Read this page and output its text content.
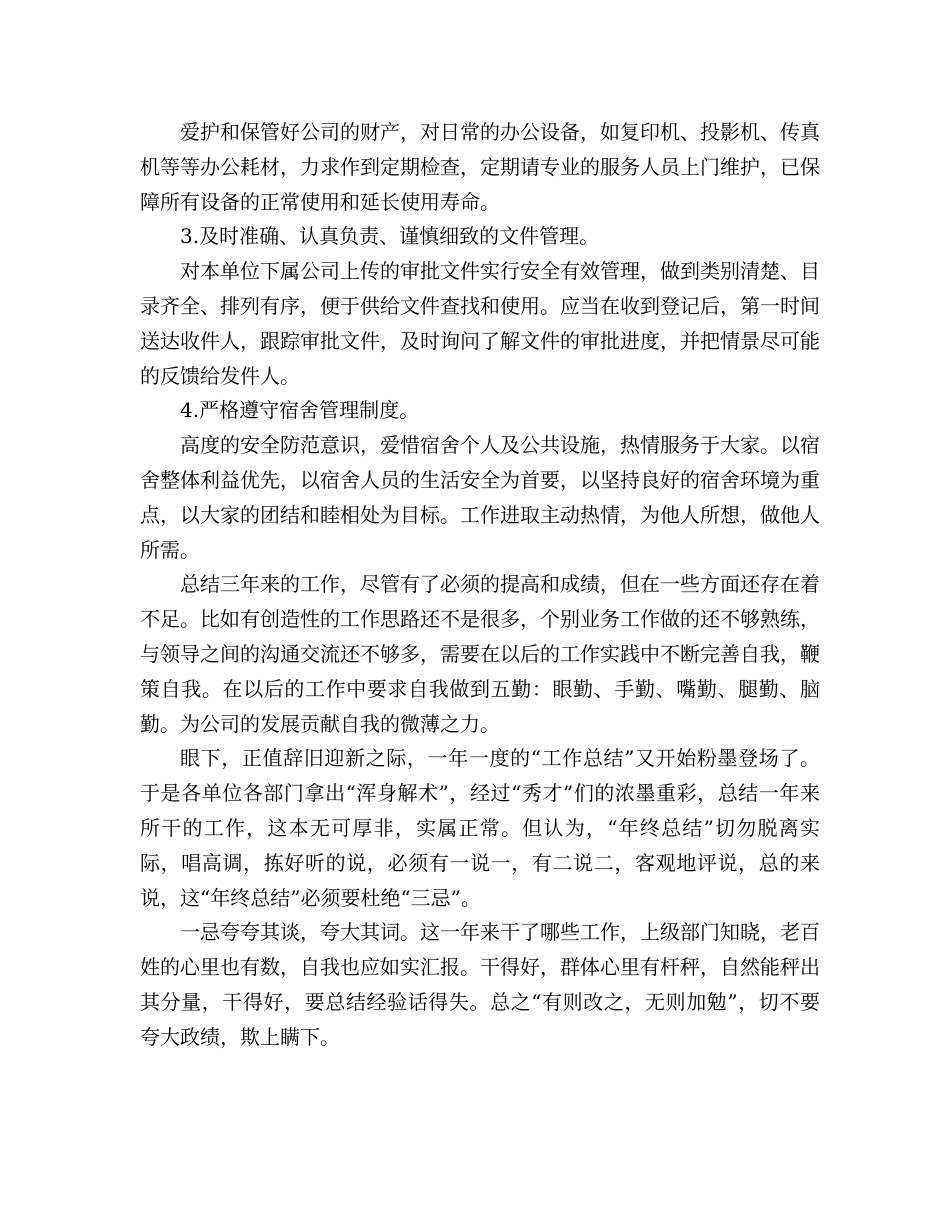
爱护和保管好公司的财产，对日常的办公设备，如复印机、投影机、传真机等等办公耗材，力求作到定期检查，定期请专业的服务人员上门维护，已保障所有设备的正常使用和延长使用寿命。

3.及时准确、认真负责、谨慎细致的文件管理。

对本单位下属公司上传的审批文件实行安全有效管理，做到类别清楚、目录齐全、排列有序，便于供给文件查找和使用。应当在收到登记后，第一时间送达收件人，跟踪审批文件，及时询问了解文件的审批进度，并把情景尽可能的反馈给发件人。

4.严格遵守宿舍管理制度。

高度的安全防范意识，爱惜宿舍个人及公共设施，热情服务于大家。以宿舍整体利益优先，以宿舍人员的生活安全为首要，以坚持良好的宿舍环境为重点，以大家的团结和睦相处为目标。工作进取主动热情，为他人所想，做他人所需。

总结三年来的工作，尽管有了必须的提高和成绩，但在一些方面还存在着不足。比如有创造性的工作思路还不是很多，个别业务工作做的还不够熟练，与领导之间的沟通交流还不够多，需要在以后的工作实践中不断完善自我，鞭策自我。在以后的工作中要求自我做到五勤：眼勤、手勤、嘴勤、腿勤、脑勤。为公司的发展贡献自我的微薄之力。

眼下，正值辞旧迎新之际，一年一度的“工作总结”又开始粉墨登场了。于是各单位各部门拿出“浑身解术”，经过“秀才”们的浓墨重彩，总结一年来所干的工作，这本无可厚非，实属正常。但认为，“年终总结”切勿脱离实际，唱高调，拣好听的说，必须有一说一，有二说二，客观地评说，总的来说，这“年终总结”必须要杜绝“三忌”。

一忌夸夸其谈，夸大其词。这一年来干了哪些工作，上级部门知晓，老百姓的心里也有数，自我也应如实汇报。干得好，群体心里有杆秤，自然能秤出其分量，干得好，要总结经验话得失。总之“有则改之，无则加勉”，切不要夸大政绩，欺上瞒下。
